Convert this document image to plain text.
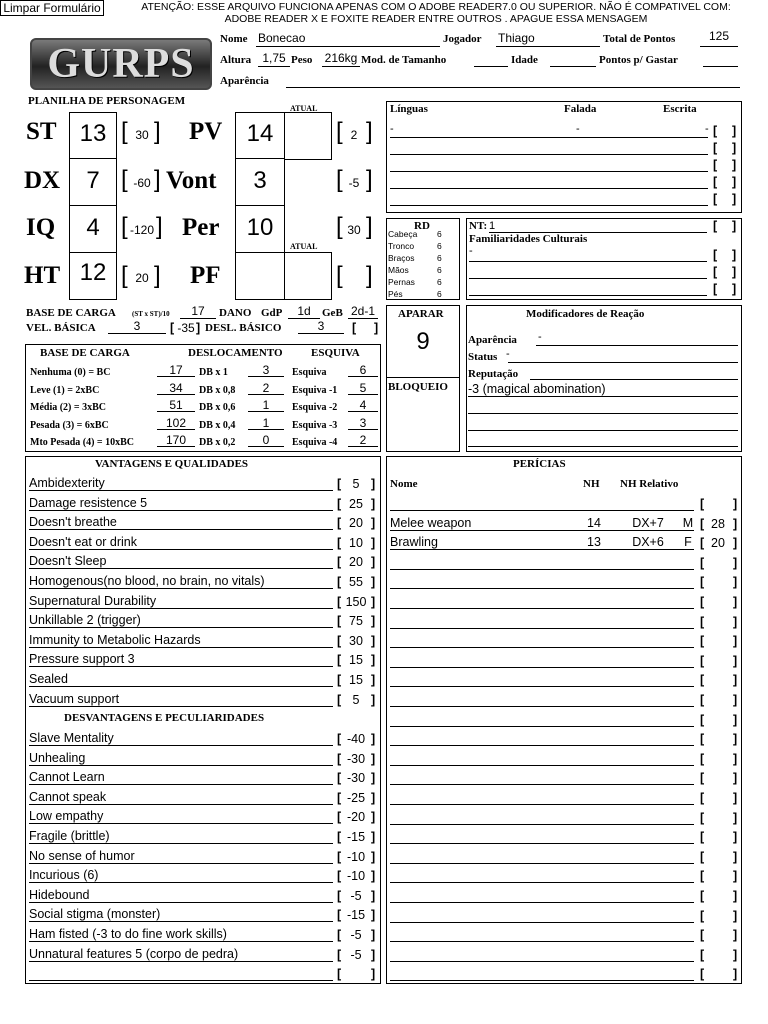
Limpar Formulário	ATENÇÃO: ESSE ARQUIVO FUNCIONA APENAS COM O ADOBE READER7.0 OU SUPERIOR. NÃO É COMPATIVEL COM: ADOBE READER X E FOXITE READER ENTRE OUTROS . APAGUE ESSA MENSAGEM
GURPS
Nome Bonecao	Jogador Thiago	Total de Pontos	125
Altura 1,75 Peso 216kg Mod. de Tamanho	Idade	Pontos p/ Gastar
Aparência
PLANILHA DE PERSONAGEM
ATUAL
ATUAL
ST 13 [ 30 ]
DX	7 [ -60 ]
IQ	4 [ -120 ]
HT 12 [ 20 ]
PV	14	[ 2 ]
Vont	3	[ -5 ]
Per	10	[ 30 ]
PF	[ ]
BASE DE CARGA (ST x ST)/10	17	DANO GdP	1d	GeB 2d-1
VEL. BÁSICA	3	[ -35 ] DESL. BÁSICO	3	[ ]
BASE DE CARGA	DESLOCAMENTO	ESQUIVA
Nenhuma (0) = BC	17	DB x 1	3	Esquiva	6
Leve (1) = 2xBC	34	DB x 0,8	2	Esquiva -1	5
Média (2) = 3xBC	51	DB x 0,6	1	Esquiva -2	4
Pesada (3) = 6xBC	102	DB x 0,4	1	Esquiva -3	3
Mto Pesada (4) = 10xBC	170	DB x 0,2	0	Esquiva -4	2
Línguas	Falada	Escrita
-	-	- [ ]
[ ]
[ ]
[ ]
[ ]
RD
Cabeça 6
Tronco	6
Braços	6
Mãos	6
Pernas	6
Pés	6
NT: 1	[ ]
Familiaridades Culturais
-	[ ]
[ ]
[ ]
APARAR
9
BLOQUEIO
Modificadores de Reação
Aparência -
Status -
Reputação
-3 (magical abomination)
VANTAGENS E QUALIDADES
Ambidexterity	[ 5 ]
Damage resistence 5	[ 25 ]
Doesn't breathe	[ 20 ]
Doesn't eat or drink	[ 10 ]
Doesn't Sleep	[ 20 ]
Homogenous(no blood, no brain, no vitals)	[ 55 ]
Supernatural Durability	[ 150 ]
Unkillable 2 (trigger)	[ 75 ]
Immunity to Metabolic Hazards	[ 30 ]
Pressure support 3	[ 15 ]
Sealed	[ 15 ]
Vacuum support	[ 5 ]
DESVANTAGENS E PECULIARIDADES
Slave Mentality	[ -40 ]
Unhealing	[ -30 ]
Cannot Learn	[ -30 ]
Cannot speak	[ -25 ]
Low empathy	[ -20 ]
Fragile (brittle)	[ -15 ]
No sense of humor	[ -10 ]
Incurious (6)	[ -10 ]
Hidebound	[ -5 ]
Social stigma (monster)	[ -15 ]
Ham fisted (-3 to do fine work skills)	[ -5 ]
Unnatural features 5 (corpo de pedra)	[ -5 ]
[ ]
PERÍCIAS
Nome	NH NH Relativo
[ ]
Melee weapon	14	DX+7	M [ 28 ]
Brawling	13	DX+6	F [ 20 ]
[ ]
[ ]
[ ]
[ ]
[ ]
[ ]
[ ]
[ ]
[ ]
[ ]
[ ]
[ ]
[ ]
[ ]
[ ]
[ ]
[ ]
[ ]
[ ]
[ ]
[ ]
[ ]
